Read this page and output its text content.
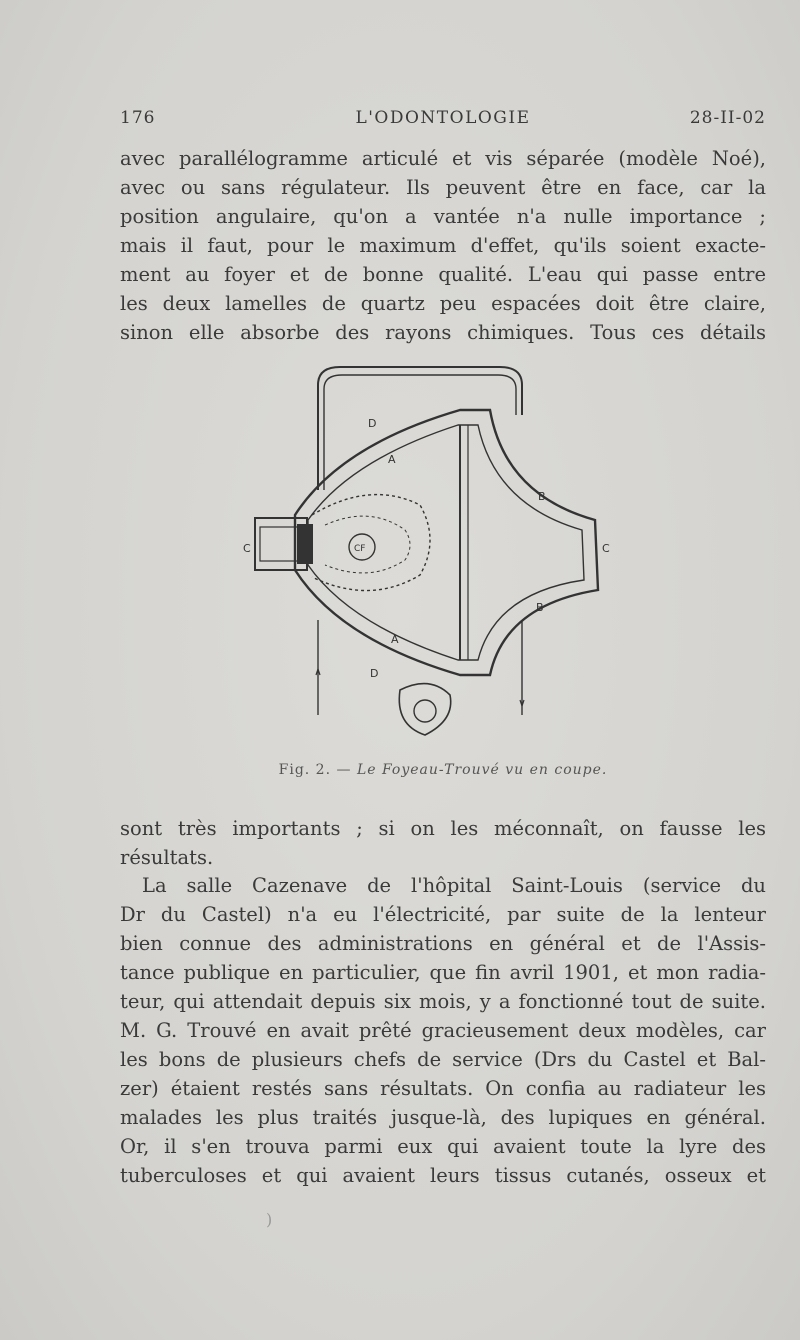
176	L'ODONTOLOGIE	28-II-02
avec parallélogramme articulé et vis séparée (modèle Noé),
avec ou sans régulateur. Ils peuvent être en face, car la
position angulaire, qu'on a vantée n'a nulle importance ;
mais il faut, pour le maximum d'effet, qu'ils soient exacte-
ment au foyer et de bonne qualité. L'eau qui passe entre
les deux lamelles de quartz peu espacées doit être claire,
sinon elle absorbe des rayons chimiques. Tous ces détails
D
A
B
C	C
CF
B
A
D
Fig. 2. — Le Foyeau-Trouvé vu en coupe.
sont très importants ; si on les méconnaît, on fausse les
résultats.
La salle Cazenave de l'hôpital Saint-Louis (service du
Dr du Castel) n'a eu l'électricité, par suite de la lenteur
bien connue des administrations en général et de l'Assis-
tance publique en particulier, que fin avril 1901, et mon radia-
teur, qui attendait depuis six mois, y a fonctionné tout de suite.
M. G. Trouvé en avait prêté gracieusement deux modèles, car
les bons de plusieurs chefs de service (Drs du Castel et Bal-
zer) étaient restés sans résultats. On confia au radiateur les
malades les plus traités jusque-là, des lupiques en général.
Or, il s'en trouva parmi eux qui avaient toute la lyre des
tuberculoses et qui avaient leurs tissus cutanés, osseux et
)
